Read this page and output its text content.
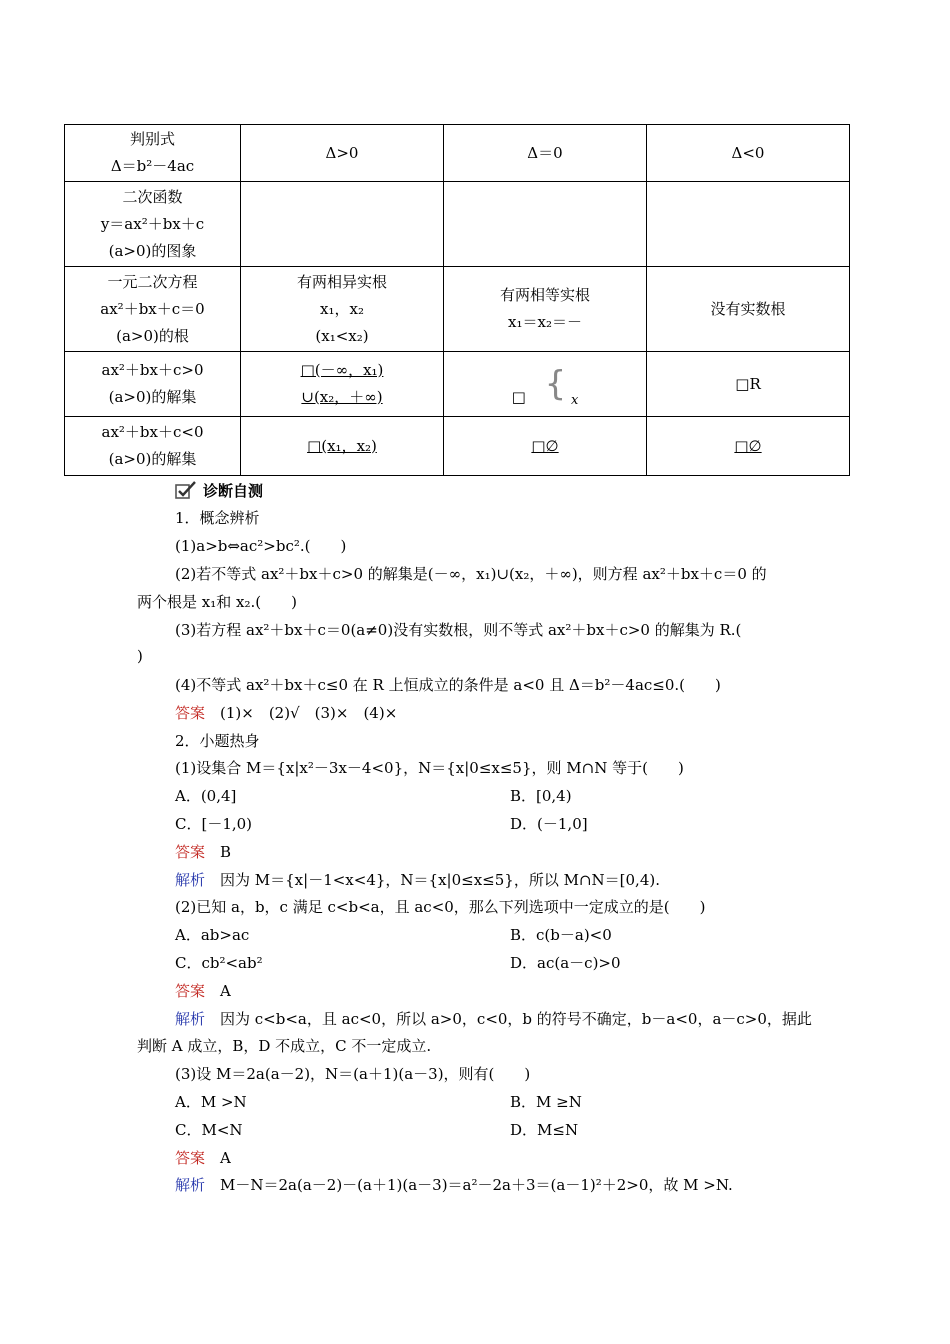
判别式
Δ＝b²－4ac	Δ>0	Δ＝0	Δ<0

二次函数
y＝ax²＋bx＋c
(a>0)的图象			

一元二次方程
ax²＋bx＋c＝0
(a>0)的根	有两相异实根
x₁，x₂
(x₁<x₂)	有两相等实根
x₁＝x₂＝－	没有实数根

ax²＋bx＋c>0
(a>0)的解集	□(－∞，x₁)
∪(x₂，＋∞)	□ { x	□R

ax²＋bx＋c<0
(a>0)的解集	□(x₁，x₂)	□∅	□∅
诊断自测
1．概念辨析
(1)a>b⇔ac²>bc².(　　)
(2)若不等式 ax²＋bx＋c>0 的解集是(－∞，x₁)∪(x₂，＋∞)，则方程 ax²＋bx＋c＝0 的
两个根是 x₁和 x₂.(　　)
(3)若方程 ax²＋bx＋c＝0(a≠0)没有实数根，则不等式 ax²＋bx＋c>0 的解集为 R.(
)
(4)不等式 ax²＋bx＋c≤0 在 R 上恒成立的条件是 a<0 且 Δ＝b²－4ac≤0.(　　)
答案　(1)×　(2)√　(3)×　(4)×
2．小题热身
(1)设集合 M＝{x|x²－3x－4<0}，N＝{x|0≤x≤5}，则 M∩N 等于(　　)
A．(0,4]	B．[0,4)
C．[－1,0)	D．(－1,0]
答案　B
解析　因为 M＝{x|－1<x<4}，N＝{x|0≤x≤5}，所以 M∩N＝[0,4).
(2)已知 a，b，c 满足 c<b<a，且 ac<0，那么下列选项中一定成立的是(　　)
A．ab>ac	B．c(b－a)<0
C．cb²<ab²	D．ac(a－c)>0
答案　A
解析　因为 c<b<a，且 ac<0，所以 a>0，c<0，b 的符号不确定，b－a<0，a－c>0，据此
判断 A 成立，B，D 不成立，C 不一定成立.
(3)设 M＝2a(a－2)，N＝(a＋1)(a－3)，则有(　　)
A．M >N	B．M ≥N
C．M<N	D．M≤N
答案　A
解析　M－N＝2a(a－2)－(a＋1)(a－3)＝a²－2a＋3＝(a－1)²＋2>0，故 M >N.
